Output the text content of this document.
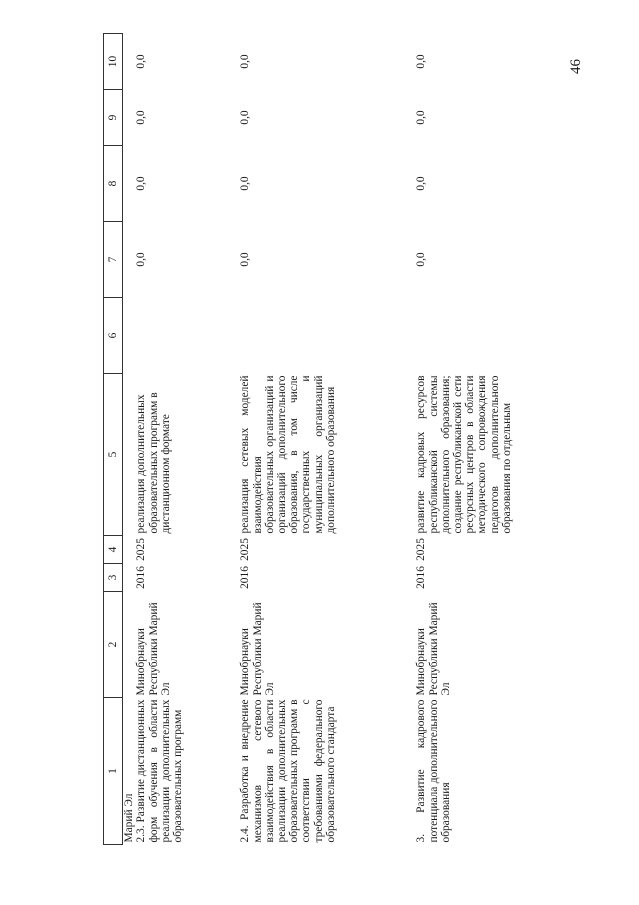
46
1	2	3	4	5	6	7	8	9	10
Марий Эл									
2.3. Развитие дистанционных форм обучения в области реализации дополнительных образовательных программ	Минобрнауки Республики Марий Эл	2016	2025	реализация дополнительных образовательных программ в дистанционном формате		0,0	0,0	0,0	0,0
2.4. Разработка и внедрение механизмов сетевого взаимодействия в области реализации дополнительных образовательных программ в соответствии с требованиями федерального образовательного стандарта	Минобрнауки Республики Марий Эл	2016	2025	реализация сетевых моделей взаимодействия образовательных организаций и организаций дополнительного образования, в том числе государственных и муниципальных организаций дополнительного образования		0,0	0,0	0,0	0,0
3. Развитие кадрового потенциала дополнительного образования	Минобрнауки Республики Марий Эл	2016	2025	развитие кадровых ресурсов республиканской системы дополнительного образования; создание республиканской сети ресурсных центров в области методического сопровождения педагогов дополнительного образования по отдельным		0,0	0,0	0,0	0,0
